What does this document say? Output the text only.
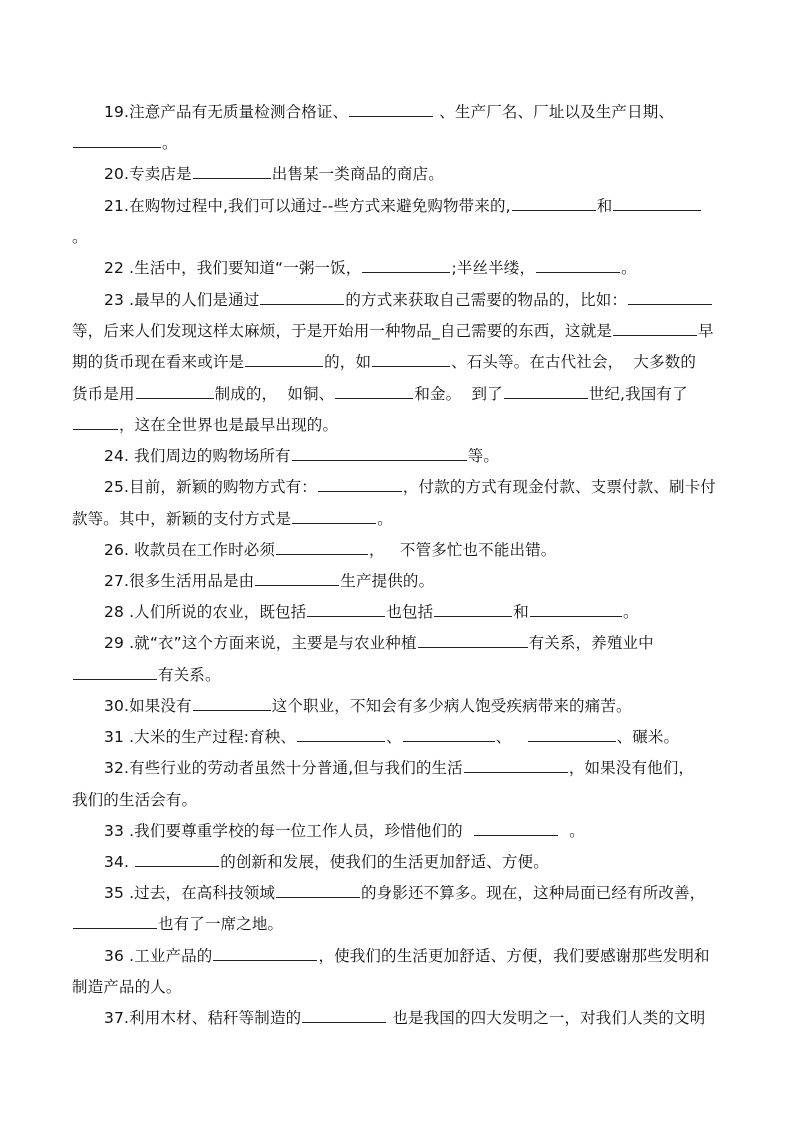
19.注意产品有无质量检测合格证、	、生产厂名、厂址以及生产日期、
。
20.专卖店是	出售某一类商品的商店。
21.在购物过程中,我们可以通过--些方式来避免购物带来的,	和
。
22 .生活中，我们要知道“一粥一饭，	;半丝半缕，	。
23 .最早的人们是通过	的方式来获取自己需要的物品的，比如：
等，后来人们发现这样太麻烦，于是开始用一种物品_自己需要的东西，这就是	早
期的货币现在看来或许是	的，如	、石头等。在古代社会， 大多数的
货币是用	制成的， 如铜、	和金。 到了	世纪,我国有了
，这在全世界也是最早出现的。
24. 我们周边的购物场所有	等。
25.目前，新颖的购物方式有：	，付款的方式有现金付款、支票付款、刷卡付
款等。其中，新颖的支付方式是	。
26. 收款员在工作时必须	， 不管多忙也不能出错。
27.很多生活用品是由	生产提供的。
28 .人们所说的农业，既包括	也包括	和	。
29 .就“衣”这个方面来说，主要是与农业种植	有关系，养殖业中
有关系。
30.如果没有	这个职业，不知会有多少病人饱受疾病带来的痛苦。
31 .大米的生产过程:育秧、	、	、	、碾米。
32.有些行业的劳动者虽然十分普通,但与我们的生活	，如果没有他们，
我们的生活会有。
33 .我们要尊重学校的每一位工作人员，珍惜他们的	。
34.	的创新和发展，使我们的生活更加舒适、方便。
35 .过去，在高科技领域	的身影还不算多。现在，这种局面已经有所改善，
也有了一席之地。
36 .工业产品的	，使我们的生活更加舒适、方便，我们要感谢那些发明和
制造产品的人。
37.利用木材、秸秆等制造的	也是我国的四大发明之一，对我们人类的文明
